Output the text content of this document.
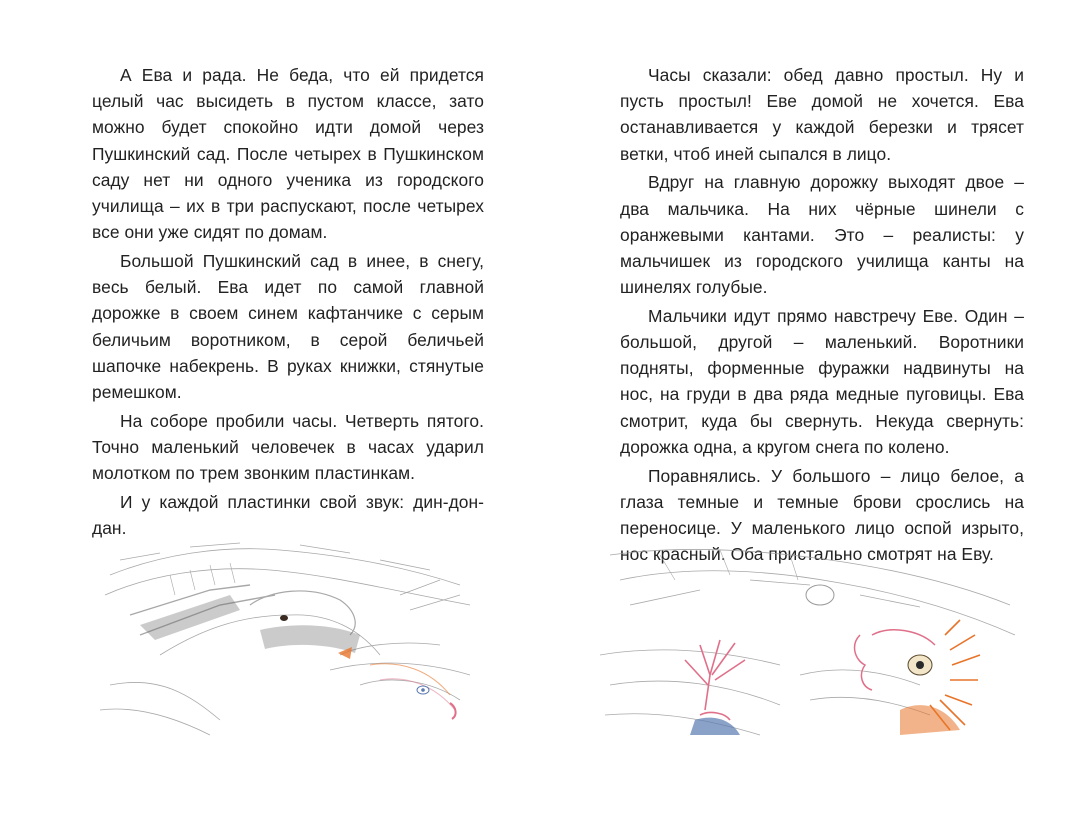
А Ева и рада. Не беда, что ей придется целый час высидеть в пустом классе, зато можно будет спокойно идти домой через Пушкинский сад. После четырех в Пушкинском саду нет ни одного ученика из городского училища – их в три распускают, после четырех все они уже сидят по домам.

Большой Пушкинский сад в инее, в снегу, весь белый. Ева идет по самой главной дорожке в своем синем кафтанчике с серым беличьим воротником, в серой беличьей шапочке набекрень. В руках книжки, стянутые ремешком.

На соборе пробили часы. Четверть пятого. Точно маленький человечек в часах ударил молотком по трем звонким пластинкам.

И у каждой пластинки свой звук: дин-дон-дан.

Часы сказали: обед давно простыл. Ну и пусть простыл! Еве домой не хочется. Ева останавливается у каждой березки и трясет ветки, чтоб иней сыпался в лицо.

Вдруг на главную дорожку выходят двое – два мальчика. На них чёрные шинели с оранжевыми кантами. Это – реалисты: у мальчишек из городского училища канты на шинелях голубые.

Мальчики идут прямо навстречу Еве. Один – большой, другой – маленький. Воротники подняты, форменные фуражки надвинуты на нос, на груди в два ряда медные пуговицы. Ева смотрит, куда бы свернуть. Некуда свернуть: дорожка одна, а кругом снега по колено.

Поравнялись. У большого – лицо белое, а глаза темные и темные брови срослись на переносице. У маленького лицо оспой изрыто, нос красный. Оба пристально смотрят на Еву.
